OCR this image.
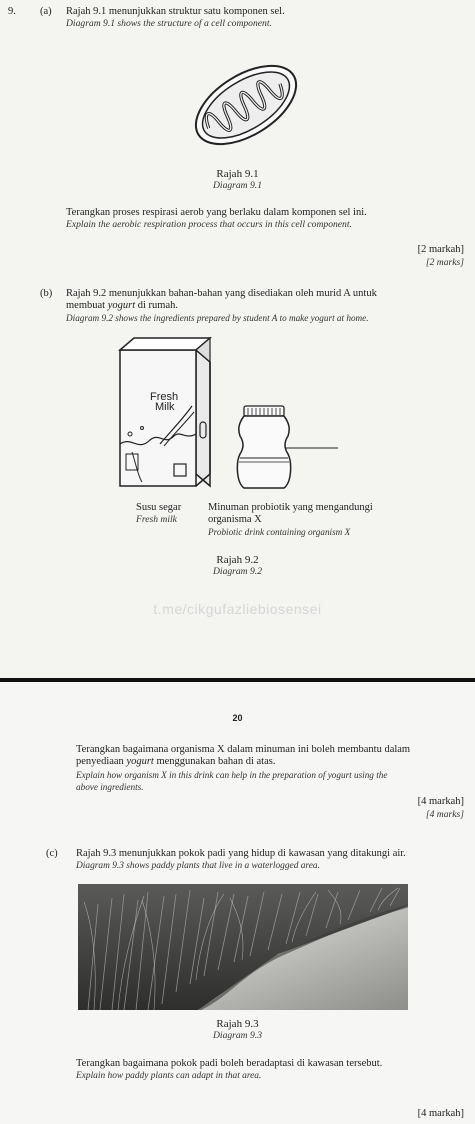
9. (a) Rajah 9.1 menunjukkan struktur satu komponen sel.
Diagram 9.1 shows the structure of a cell component.
Rajah 9.1
Diagram 9.1
Terangkan proses respirasi aerob yang berlaku dalam komponen sel ini.
Explain the aerobic respiration process that occurs in this cell component.
[2 markah]
[2 marks]
(b) Rajah 9.2 menunjukkan bahan-bahan yang disediakan oleh murid A untuk
membuat yogurt di rumah.
Diagram 9.2 shows the ingredients prepared by student A to make yogurt at home.
Fresh
Milk
Susu segar
Fresh milk
Minuman probiotik yang mengandungi
organisma X
Probiotic drink containing organism X
Rajah 9.2
Diagram 9.2
t.me/cikgufazliebiosensei
20
Terangkan bagaimana organisma X dalam minuman ini boleh membantu dalam
penyediaan yogurt menggunakan bahan di atas.
Explain how organism X in this drink can help in the preparation of yogurt using the
above ingredients.
[4 markah]
[4 marks]
(c) Rajah 9.3 menunjukkan pokok padi yang hidup di kawasan yang ditakungi air.
Diagram 9.3 shows paddy plants that live in a waterlogged area.
Rajah 9.3
Diagram 9.3
Terangkan bagaimana pokok padi boleh beradaptasi di kawasan tersebut.
Explain how paddy plants can adapt in that area.
[4 markah]
